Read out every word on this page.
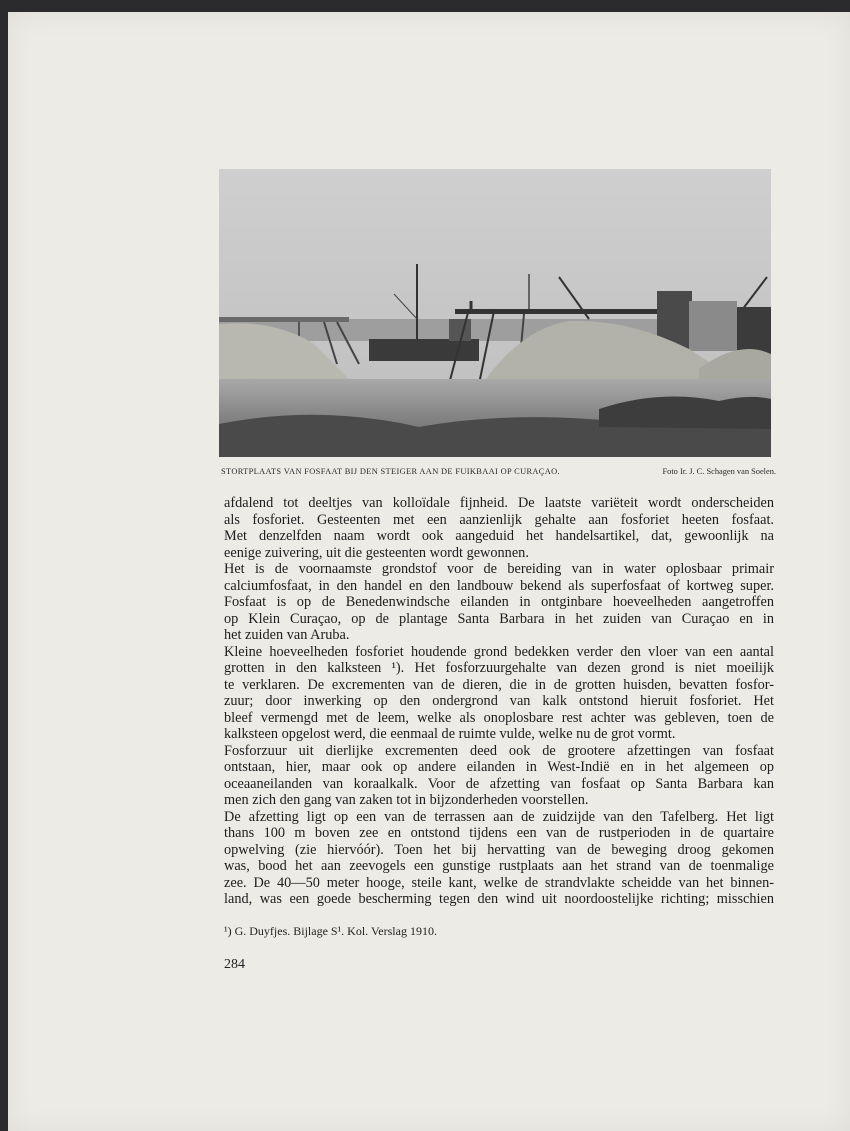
STORTPLAATS VAN FOSFAAT BIJ DEN STEIGER AAN DE FUIKBAAI OP CURAÇAO.	Foto Ir. J. C. Schagen van Soelen.
afdalend tot deeltjes van kolloïdale fijnheid. De laatste variëteit wordt onderscheiden
als fosforiet. Gesteenten met een aanzienlijk gehalte aan fosforiet heeten fosfaat.
Met denzelfden naam wordt ook aangeduid het handelsartikel, dat, gewoonlijk na
eenige zuivering, uit die gesteenten wordt gewonnen.
Het is de voornaamste grondstof voor de bereiding van in water oplosbaar primair
calciumfosfaat, in den handel en den landbouw bekend als superfosfaat of kortweg super.
Fosfaat is op de Benedenwindsche eilanden in ontginbare hoeveelheden aangetroffen
op Klein Curaçao, op de plantage Santa Barbara in het zuiden van Curaçao en in
het zuiden van Aruba.
Kleine hoeveelheden fosforiet houdende grond bedekken verder den vloer van een aantal
grotten in den kalksteen ¹). Het fosforzuurgehalte van dezen grond is niet moeilijk
te verklaren. De excrementen van de dieren, die in de grotten huisden, bevatten fosfor-
zuur; door inwerking op den ondergrond van kalk ontstond hieruit fosforiet. Het
bleef vermengd met de leem, welke als onoplosbare rest achter was gebleven, toen de
kalksteen opgelost werd, die eenmaal de ruimte vulde, welke nu de grot vormt.
Fosforzuur uit dierlijke excrementen deed ook de grootere afzettingen van fosfaat
ontstaan, hier, maar ook op andere eilanden in West-Indië en in het algemeen op
oceaaneilanden van koraalkalk. Voor de afzetting van fosfaat op Santa Barbara kan
men zich den gang van zaken tot in bijzonderheden voorstellen.
De afzetting ligt op een van de terrassen aan de zuidzijde van den Tafelberg. Het ligt
thans 100 m boven zee en ontstond tijdens een van de rustperioden in de quartaire
opwelving (zie hiervóór). Toen het bij hervatting van de beweging droog gekomen
was, bood het aan zeevogels een gunstige rustplaats aan het strand van de toenmalige
zee. De 40—50 meter hooge, steile kant, welke de strandvlakte scheidde van het binnen-
land, was een goede bescherming tegen den wind uit noordoostelijke richting; misschien
¹) G. Duyfjes. Bijlage S¹. Kol. Verslag 1910.
284
